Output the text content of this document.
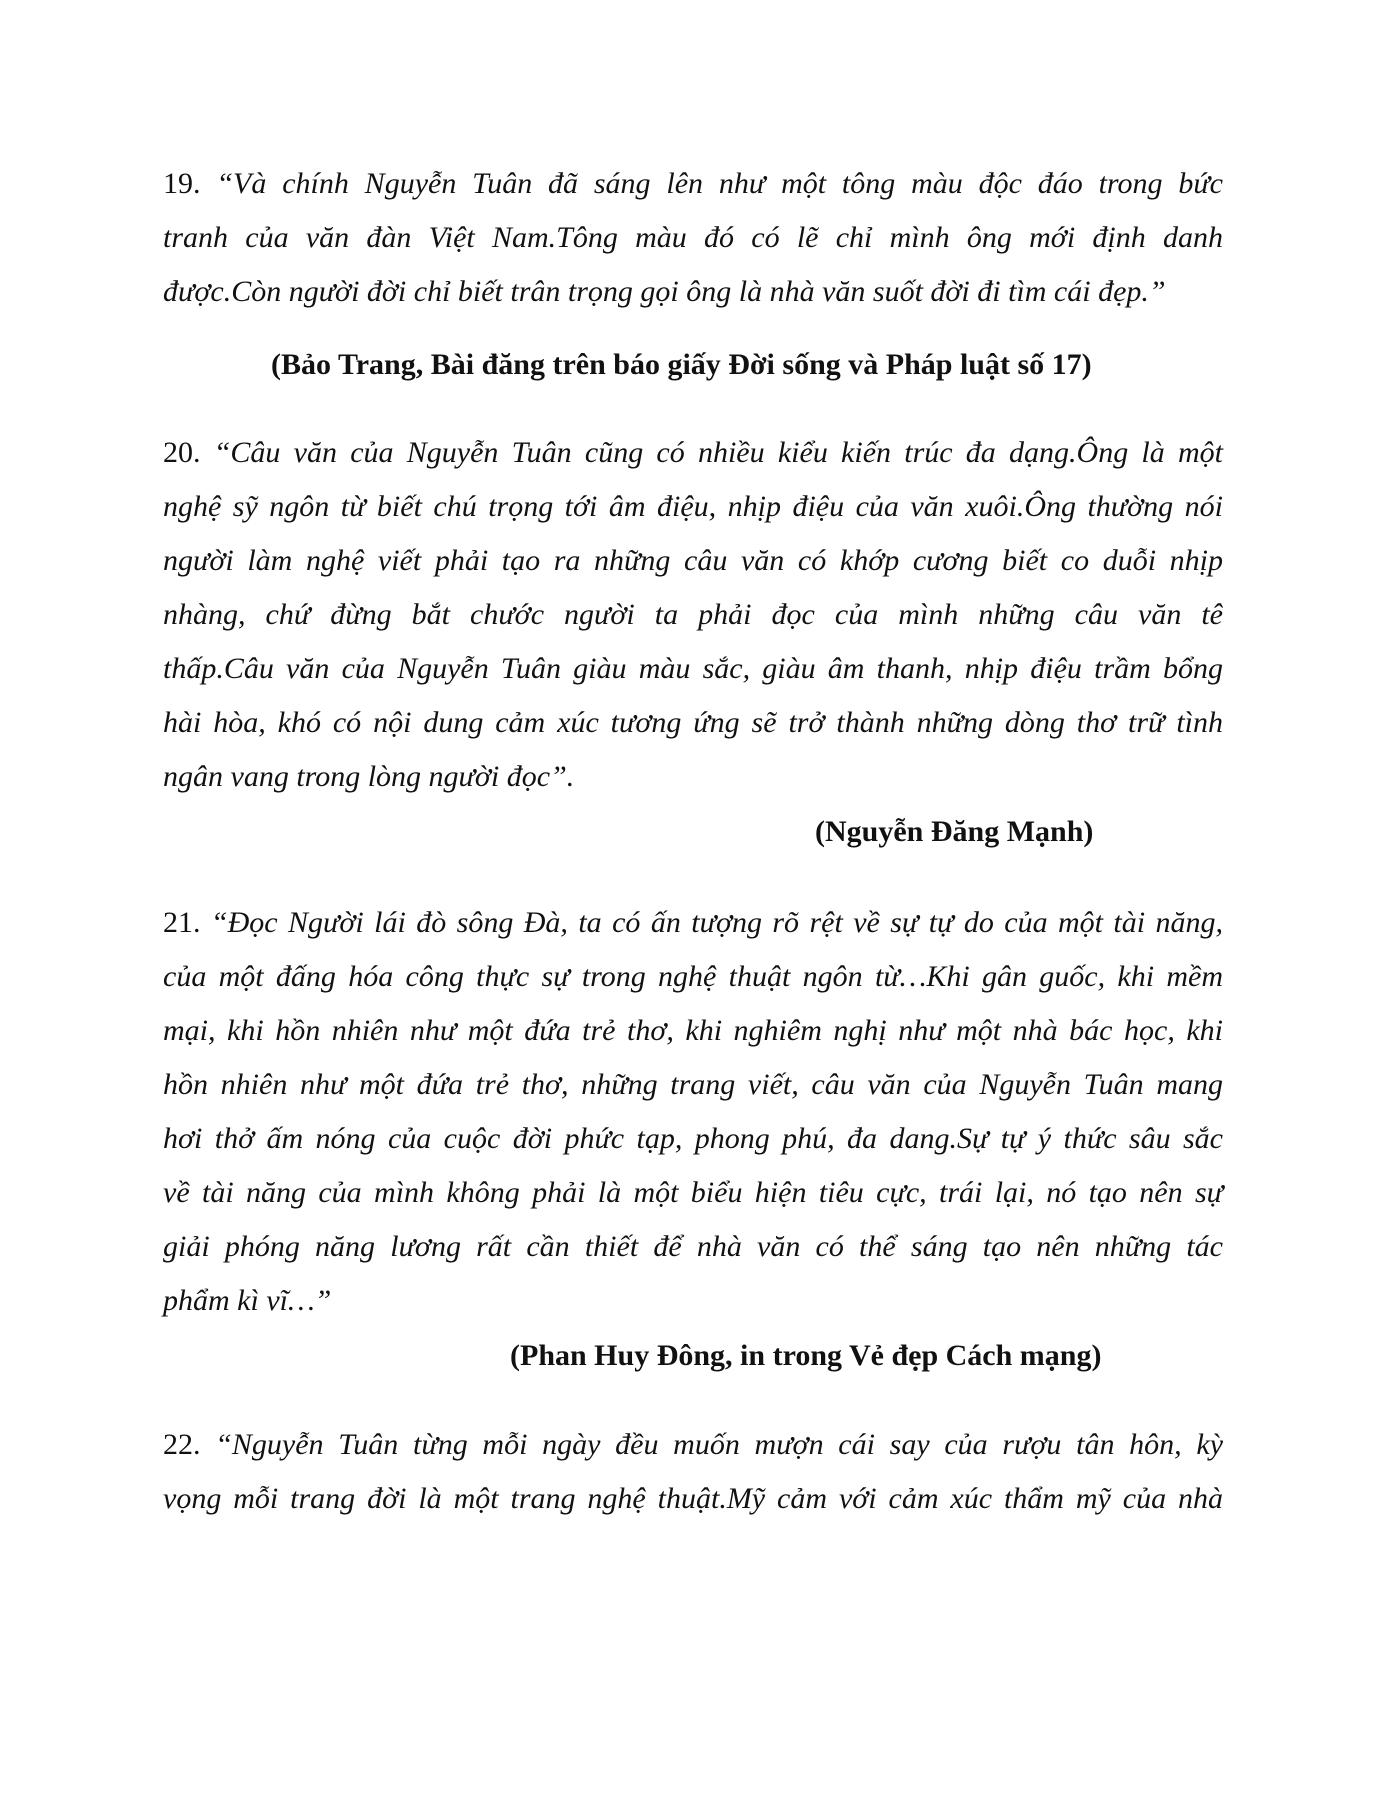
19. “Và chính Nguyễn Tuân đã sáng lên như một tông màu độc đáo trong bức
tranh của văn đàn Việt Nam.Tông màu đó có lẽ chỉ mình ông mới định danh
được.Còn người đời chỉ biết trân trọng gọi ông là nhà văn suốt đời đi tìm cái đẹp.”
(Bảo Trang, Bài đăng trên báo giấy Đời sống và Pháp luật số 17)
20. “Câu văn của Nguyễn Tuân cũng có nhiều kiểu kiến trúc đa dạng.Ông là một
nghệ sỹ ngôn từ biết chú trọng tới âm điệu, nhịp điệu của văn xuôi.Ông thường nói
người làm nghệ viết phải tạo ra những câu văn có khớp cương biết co duỗi nhịp
nhàng, chứ đừng bắt chước người ta phải đọc của mình những câu văn tê
thấp.Câu văn của Nguyễn Tuân giàu màu sắc, giàu âm thanh, nhịp điệu trầm bổng
hài hòa, khó có nội dung cảm xúc tương ứng sẽ trở thành những dòng thơ trữ tình
ngân vang trong lòng người đọc”.
(Nguyễn Đăng Mạnh)
21. “Đọc Người lái đò sông Đà, ta có ấn tượng rõ rệt về sự tự do của một tài năng,
của một đấng hóa công thực sự trong nghệ thuật ngôn từ…Khi gân guốc, khi mềm
mại, khi hồn nhiên như một đứa trẻ thơ, khi nghiêm nghị như một nhà bác học, khi
hồn nhiên như một đứa trẻ thơ, những trang viết, câu văn của Nguyễn Tuân mang
hơi thở ấm nóng của cuộc đời phức tạp, phong phú, đa dang.Sự tự ý thức sâu sắc
về tài năng của mình không phải là một biểu hiện tiêu cực, trái lại, nó tạo nên sự
giải phóng năng lương rất cần thiết để nhà văn có thể sáng tạo nên những tác
phẩm kì vĩ…”
(Phan Huy Đông, in trong Vẻ đẹp Cách mạng)
22. “Nguyễn Tuân từng mỗi ngày đều muốn mượn cái say của rượu tân hôn, kỳ
vọng mỗi trang đời là một trang nghệ thuật.Mỹ cảm với cảm xúc thẩm mỹ của nhà
